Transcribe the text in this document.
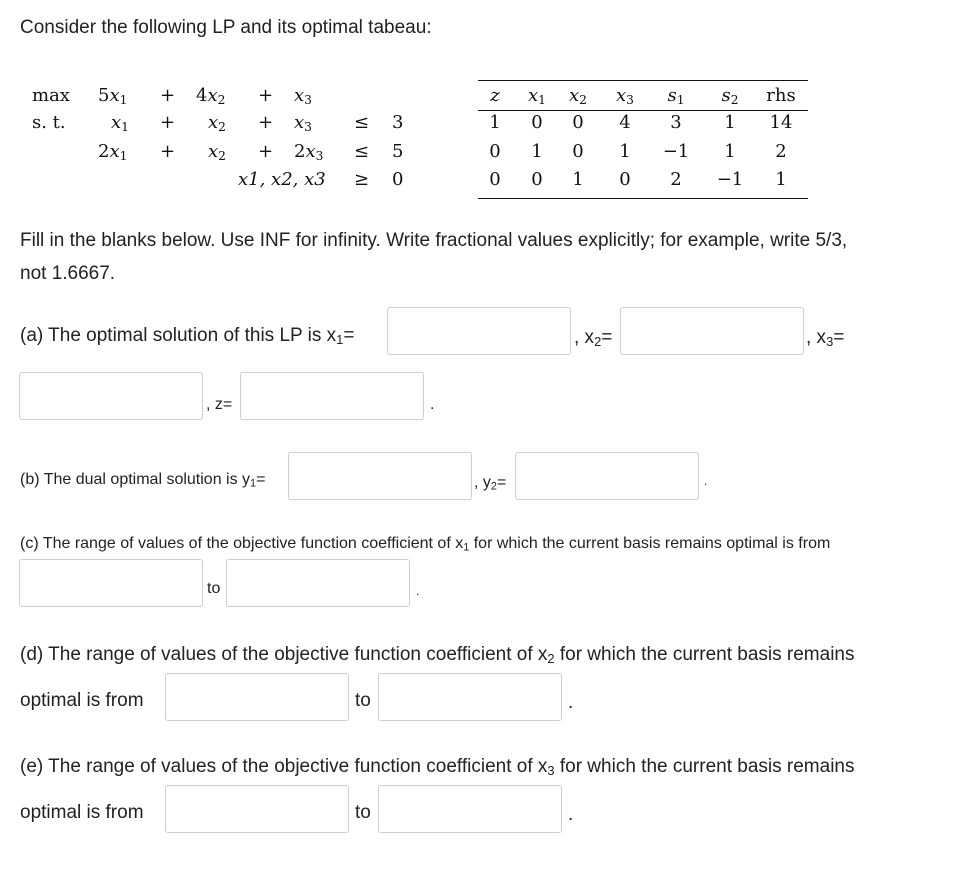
Consider the following LP and its optimal tabeau:
max
s. t.
$5x_1 + 4x_2 + x_3$
$x_1 + x_2 + x_3 \le 3$
$2x_1 + x_2 + 2x_3 \le 5$
x1, x2, x3 ≥ 0
z	$x_1$	$x_2$	$x_3$	$s_1$	$s_2$	rhs
1	0	0	4	3	1	14
0	1	0	1	−1	1	2
0	0	1	0	2	−1	1
Fill in the blanks below. Use INF for infinity. Write fractional values explicitly; for example, write 5/3,
not 1.6667.
(a) The optimal solution of this LP is $x_1=$	, $x_2=$	, $x_3=$
, z=	.
(b) The dual optimal solution is $y_1=$	, $y_2=$	.
(c) The range of values of the objective function coefficient of $x_1$ for which the current basis remains optimal is from
to	.
(d) The range of values of the objective function coefficient of $x_2$ for which the current basis remains
optimal is from	to	.
(e) The range of values of the objective function coefficient of $x_3$ for which the current basis remains
optimal is from	to	.
